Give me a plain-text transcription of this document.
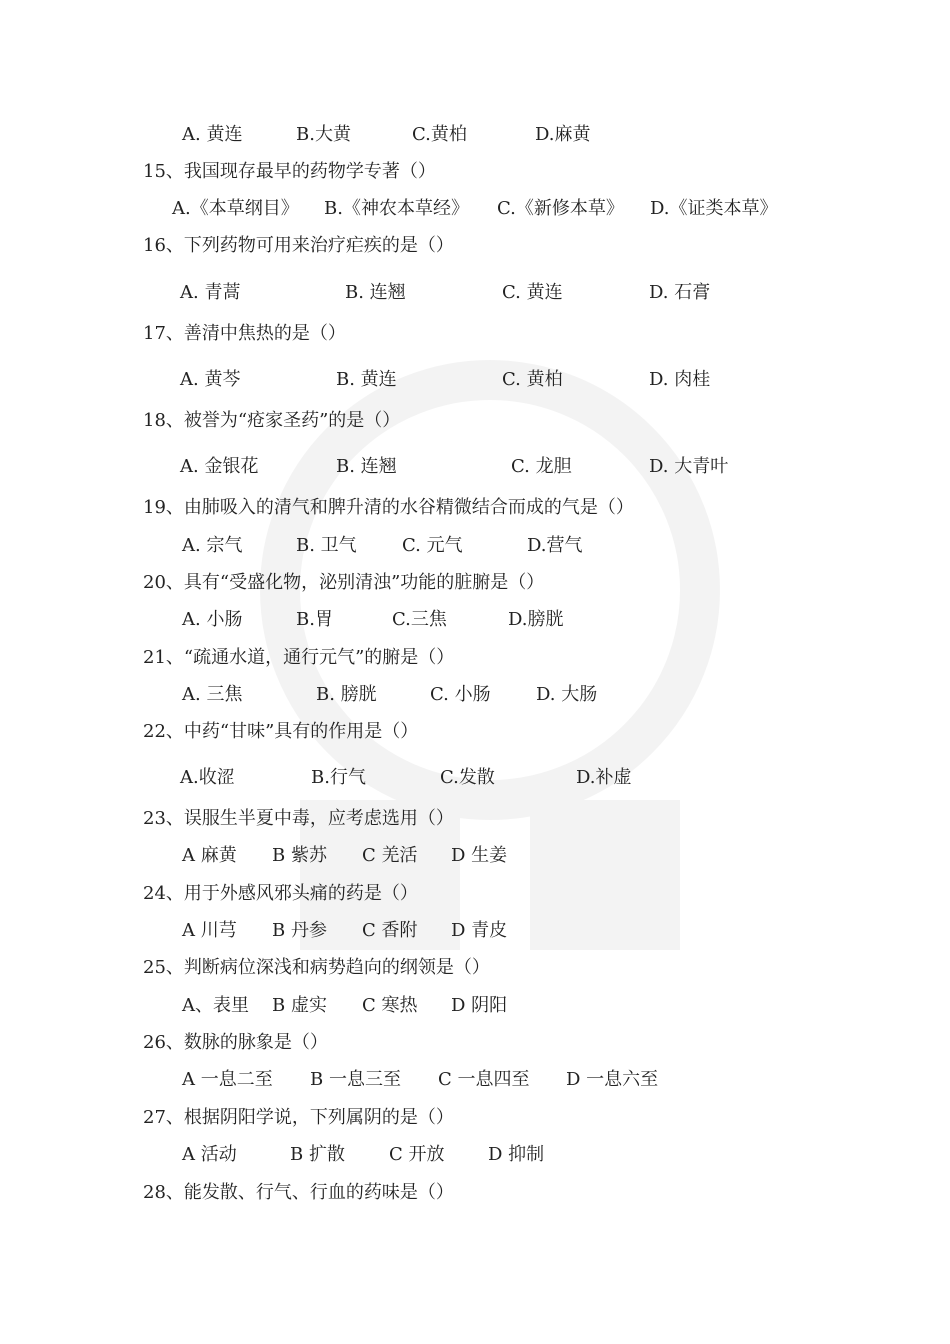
A. 黄连	B.大黄	C.黄柏	D.麻黄
15、我国现存最早的药物学专著（）
A.《本草纲目》 B.《神农本草经》 C.《新修本草》 D.《证类本草》
16、下列药物可用来治疗疟疾的是（）
A. 青蒿	B. 连翘	C. 黄连	D. 石膏
17、善清中焦热的是（）
A. 黄芩	B. 黄连	C. 黄柏	D. 肉桂
18、被誉为“疮家圣药”的是（）
A. 金银花	B. 连翘	C. 龙胆	D. 大青叶
19、由肺吸入的清气和脾升清的水谷精微结合而成的气是（）
A. 宗气	B. 卫气	C. 元气	D.营气
20、具有“受盛化物，泌别清浊”功能的脏腑是（）
A. 小肠	B.胃	C.三焦	D.膀胱
21、“疏通水道，通行元气”的腑是（）
A. 三焦	B. 膀胱	C. 小肠	D. 大肠
22、中药“甘味”具有的作用是（）
A.收涩	B.行气	C.发散	D.补虚
23、误服生半夏中毒，应考虑选用（）
A 麻黄 B 紫苏 C 羌活 D 生姜
24、用于外感风邪头痛的药是（）
A 川芎 B 丹参 C 香附 D 青皮
25、判断病位深浅和病势趋向的纲领是（）
A、表里 B 虚实 C 寒热 D 阴阳
26、数脉的脉象是（）
A 一息二至 B 一息三至 C 一息四至 D 一息六至
27、根据阴阳学说，下列属阴的是（）
A 活动	B 扩散 C 开放 D 抑制
28、能发散、行气、行血的药味是（）
